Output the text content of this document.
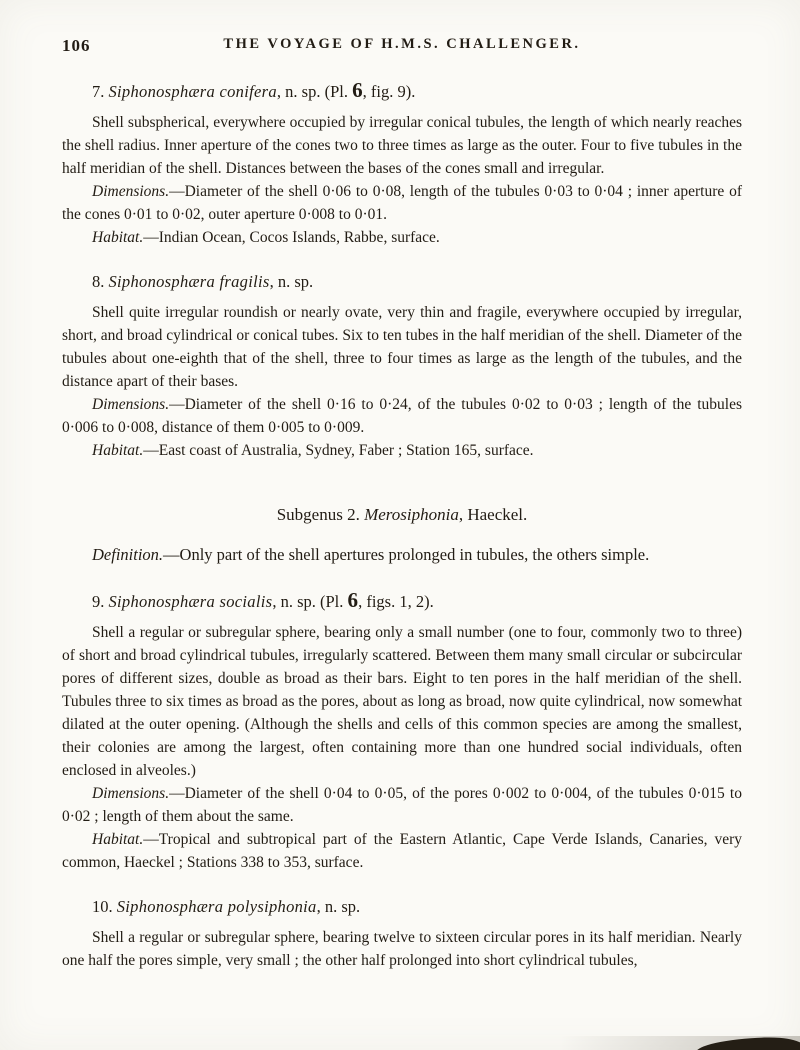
106	THE VOYAGE OF H.M.S. CHALLENGER.
7. Siphonosphæra conifera, n. sp. (Pl. 6, fig. 9).

Shell subspherical, everywhere occupied by irregular conical tubules, the length of which nearly reaches the shell radius. Inner aperture of the cones two to three times as large as the outer. Four to five tubules in the half meridian of the shell. Distances between the bases of the cones small and irregular.

Dimensions.—Diameter of the shell 0·06 to 0·08, length of the tubules 0·03 to 0·04 ; inner aperture of the cones 0·01 to 0·02, outer aperture 0·008 to 0·01.

Habitat.—Indian Ocean, Cocos Islands, Rabbe, surface.

8. Siphonosphæra fragilis, n. sp.

Shell quite irregular roundish or nearly ovate, very thin and fragile, everywhere occupied by irregular, short, and broad cylindrical or conical tubes. Six to ten tubes in the half meridian of the shell. Diameter of the tubules about one-eighth that of the shell, three to four times as large as the length of the tubules, and the distance apart of their bases.

Dimensions.—Diameter of the shell 0·16 to 0·24, of the tubules 0·02 to 0·03 ; length of the tubules 0·006 to 0·008, distance of them 0·005 to 0·009.

Habitat.—East coast of Australia, Sydney, Faber ; Station 165, surface.

Subgenus 2. Merosiphonia, Haeckel.

Definition.—Only part of the shell apertures prolonged in tubules, the others simple.

9. Siphonosphæra socialis, n. sp. (Pl. 6, figs. 1, 2).

Shell a regular or subregular sphere, bearing only a small number (one to four, commonly two to three) of short and broad cylindrical tubules, irregularly scattered. Between them many small circular or subcircular pores of different sizes, double as broad as their bars. Eight to ten pores in the half meridian of the shell. Tubules three to six times as broad as the pores, about as long as broad, now quite cylindrical, now somewhat dilated at the outer opening. (Although the shells and cells of this common species are among the smallest, their colonies are among the largest, often containing more than one hundred social individuals, often enclosed in alveoles.)

Dimensions.—Diameter of the shell 0·04 to 0·05, of the pores 0·002 to 0·004, of the tubules 0·015 to 0·02 ; length of them about the same.

Habitat.—Tropical and subtropical part of the Eastern Atlantic, Cape Verde Islands, Canaries, very common, Haeckel ; Stations 338 to 353, surface.

10. Siphonosphæra polysiphonia, n. sp.

Shell a regular or subregular sphere, bearing twelve to sixteen circular pores in its half meridian. Nearly one half the pores simple, very small ; the other half prolonged into short cylindrical tubules,
